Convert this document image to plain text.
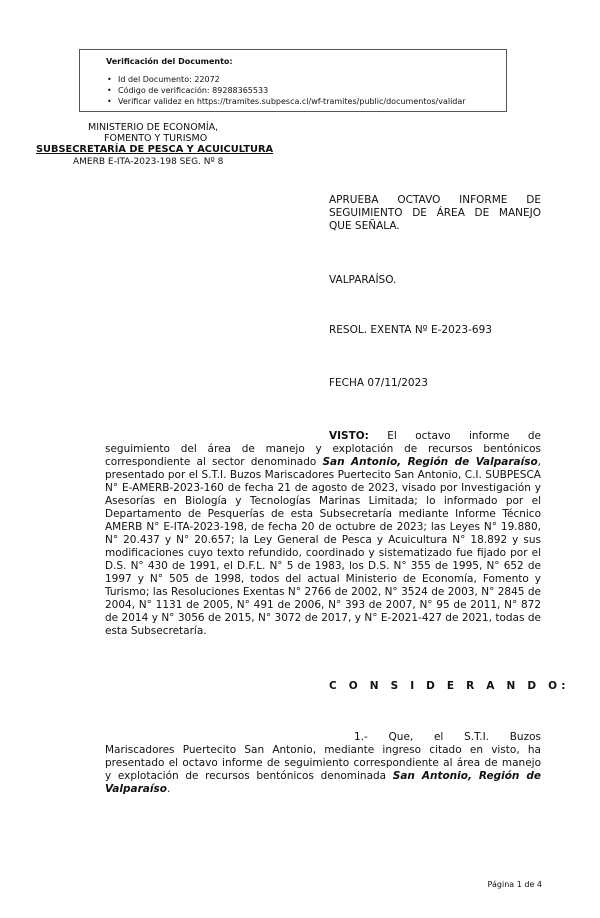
Verificación del Documento:
• Id del Documento: 22072
• Código de verificación: 89288365533
• Verificar validez en https://tramites.subpesca.cl/wf-tramites/public/documentos/validar
MINISTERIO DE ECONOMÍA,
FOMENTO Y TURISMO
SUBSECRETARÍA DE PESCA Y ACUICULTURA
AMERB E-ITA-2023-198 SEG. Nº 8
APRUEBA OCTAVO INFORME DE SEGUIMIENTO DE ÁREA DE MANEJO QUE SEÑALA.
VALPARAÍSO.
RESOL. EXENTA Nº E-2023-693
FECHA 07/11/2023

VISTO: El octavo informe de seguimiento del área de manejo y explotación de recursos bentónicos correspondiente al sector denominado San Antonio, Región de Valparaíso, presentado por el S.T.I. Buzos Mariscadores Puertecito San Antonio, C.I. SUBPESCA N° E-AMERB-2023-160 de fecha 21 de agosto de 2023, visado por Investigación y Asesorías en Biología y Tecnologías Marinas Limitada; lo informado por el Departamento de Pesquerías de esta Subsecretaría mediante Informe Técnico AMERB N° E-ITA-2023-198, de fecha 20 de octubre de 2023; las Leyes N° 19.880, N° 20.437 y N° 20.657; la Ley General de Pesca y Acuicultura N° 18.892 y sus modificaciones cuyo texto refundido, coordinado y sistematizado fue fijado por el D.S. N° 430 de 1991, el D.F.L. N° 5 de 1983, los D.S. N° 355 de 1995, N° 652 de 1997 y N° 505 de 1998, todos del actual Ministerio de Economía, Fomento y Turismo; las Resoluciones Exentas N° 2766 de 2002, N° 3524 de 2003, N° 2845 de 2004, N° 1131 de 2005, N° 491 de 2006, N° 393 de 2007, N° 95 de 2011, N° 872 de 2014 y N° 3056 de 2015, N° 3072 de 2017, y N° E-2021-427 de 2021, todas de esta Subsecretaría.

C O N S I D E R A N D O:

1.- Que, el S.T.I. Buzos Mariscadores Puertecito San Antonio, mediante ingreso citado en visto, ha presentado el octavo informe de seguimiento correspondiente al área de manejo y explotación de recursos bentónicos denominada San Antonio, Región de Valparaíso.

Página 1 de 4
